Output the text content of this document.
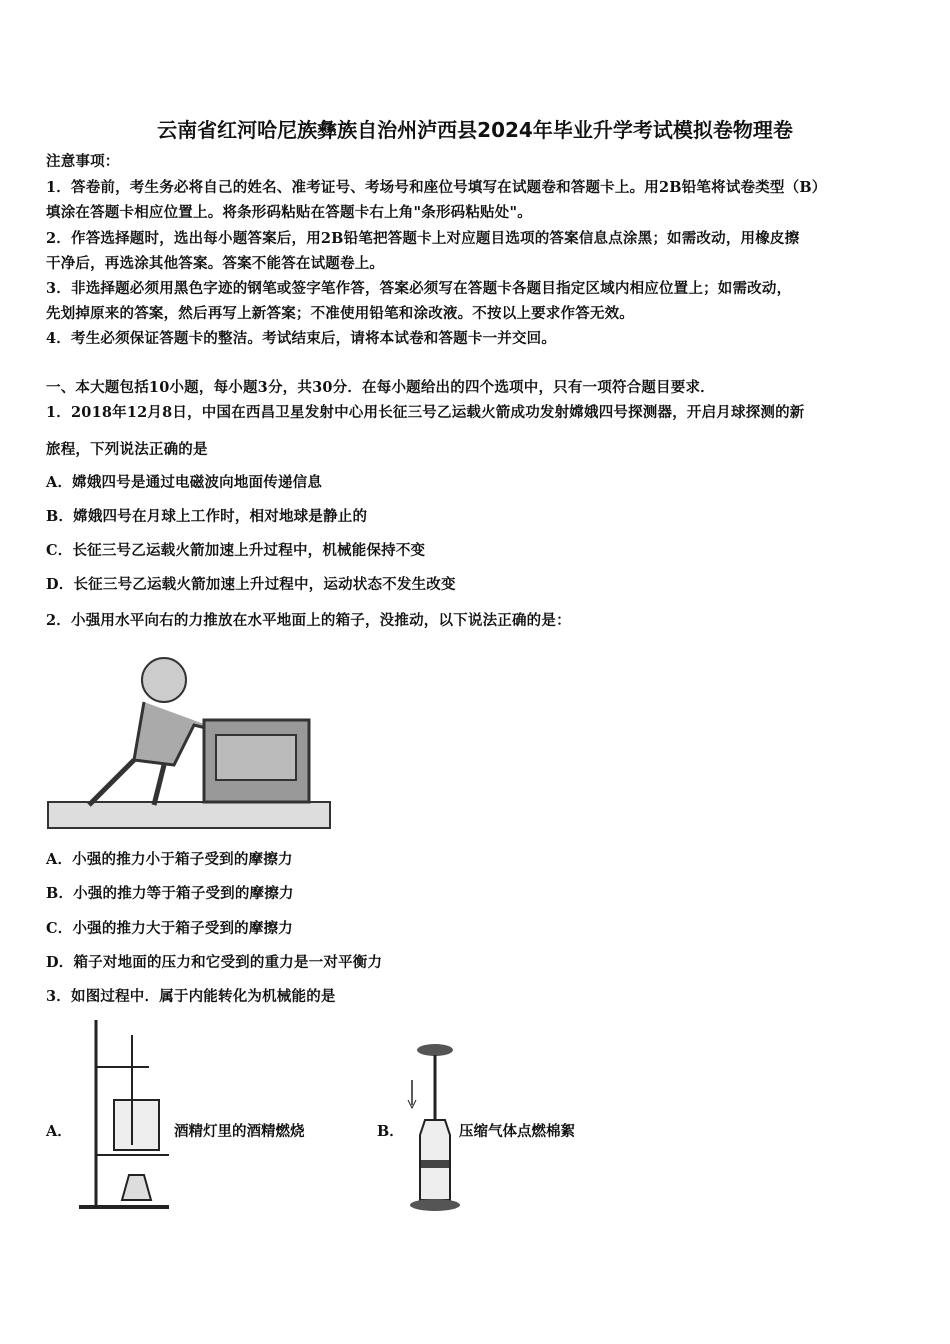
云南省红河哈尼族彝族自治州泸西县2024年毕业升学考试模拟卷物理卷
注意事项：
1．答卷前，考生务必将自己的姓名、准考证号、考场号和座位号填写在试题卷和答题卡上。用2B铅笔将试卷类型（B）
填涂在答题卡相应位置上。将条形码粘贴在答题卡右上角"条形码粘贴处"。
2．作答选择题时，选出每小题答案后，用2B铅笔把答题卡上对应题目选项的答案信息点涂黑；如需改动，用橡皮擦
干净后，再选涂其他答案。答案不能答在试题卷上。
3．非选择题必须用黑色字迹的钢笔或签字笔作答，答案必须写在答题卡各题目指定区域内相应位置上；如需改动，
先划掉原来的答案，然后再写上新答案；不准使用铅笔和涂改液。不按以上要求作答无效。
4．考生必须保证答题卡的整洁。考试结束后，请将本试卷和答题卡一并交回。
一、本大题包括10小题，每小题3分，共30分．在每小题给出的四个选项中，只有一项符合题目要求．
1．2018年12月8日，中国在西昌卫星发射中心用长征三号乙运载火箭成功发射嫦娥四号探测器，开启月球探测的新
旅程，下列说法正确的是
A．嫦娥四号是通过电磁波向地面传递信息
B．嫦娥四号在月球上工作时，相对地球是静止的
C．长征三号乙运载火箭加速上升过程中，机械能保持不变
D．长征三号乙运载火箭加速上升过程中，运动状态不发生改变
2．小强用水平向右的力推放在水平地面上的箱子，没推动，以下说法正确的是：
A．小强的推力小于箱子受到的摩擦力
B．小强的推力等于箱子受到的摩擦力
C．小强的推力大于箱子受到的摩擦力
D．箱子对地面的压力和它受到的重力是一对平衡力
3．如图过程中．属于内能转化为机械能的是
A．	酒精灯里的酒精燃烧	B．	压缩气体点燃棉絮
